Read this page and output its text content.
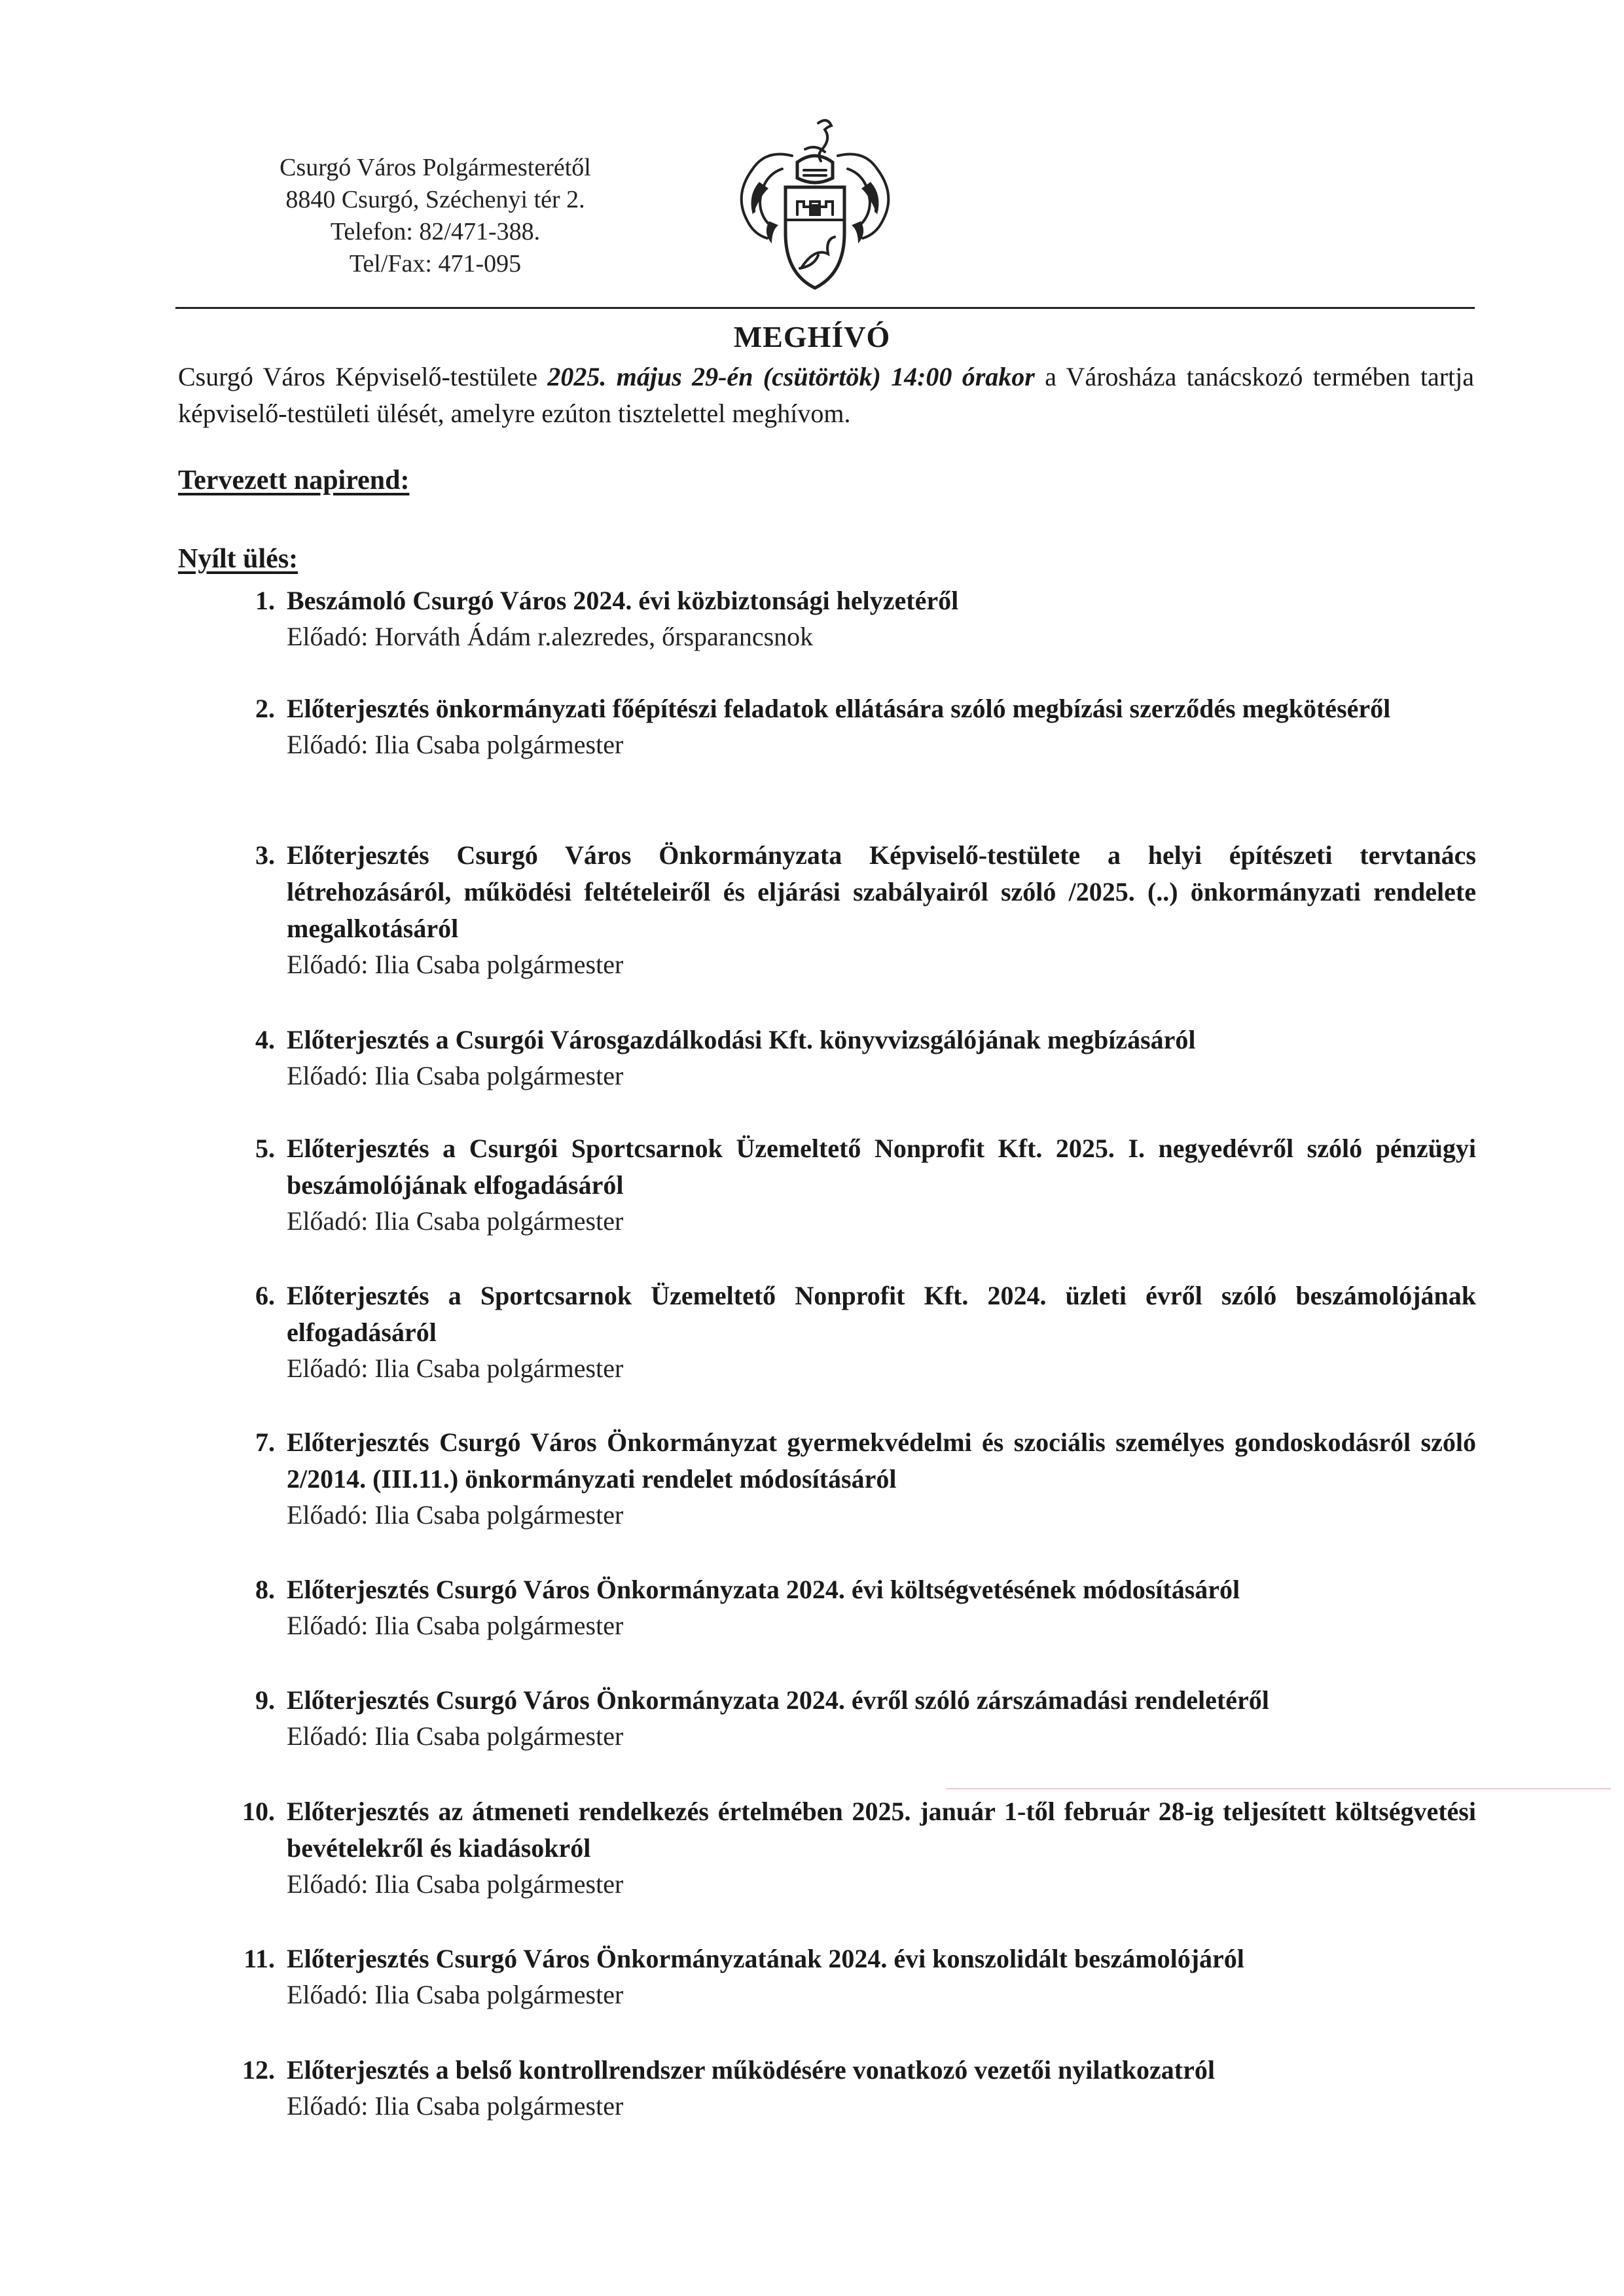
Csurgó Város Polgármesterétől
8840 Csurgó, Széchenyi tér 2.
Telefon: 82/471-388.
Tel/Fax: 471-095
MEGHÍVÓ
Csurgó Város Képviselő-testülete 2025. május 29-én (csütörtök) 14:00 órakor a Városháza tanácskozó termében tartja képviselő-testületi ülését, amelyre ezúton tisztelettel meghívom.
Tervezett napirend:
Nyílt ülés:
1. Beszámoló Csurgó Város 2024. évi közbiztonsági helyzetéről
Előadó: Horváth Ádám r.alezredes, őrsparancsnok
2. Előterjesztés önkormányzati főépítészi feladatok ellátására szóló megbízási szerződés megkötéséről
Előadó: Ilia Csaba polgármester
3. Előterjesztés Csurgó Város Önkormányzata Képviselő-testülete a helyi építészeti tervtanács létrehozásáról, működési feltételeiről és eljárási szabályairól szóló /2025. (..) önkormányzati rendelete megalkotásáról
Előadó: Ilia Csaba polgármester
4. Előterjesztés a Csurgói Városgazdálkodási Kft. könyvvizsgálójának megbízásáról
Előadó: Ilia Csaba polgármester
5. Előterjesztés a Csurgói Sportcsarnok Üzemeltető Nonprofit Kft. 2025. I. negyedévről szóló pénzügyi beszámolójának elfogadásáról
Előadó: Ilia Csaba polgármester
6. Előterjesztés a Sportcsarnok Üzemeltető Nonprofit Kft. 2024. üzleti évről szóló beszámolójának elfogadásáról
Előadó: Ilia Csaba polgármester
7. Előterjesztés Csurgó Város Önkormányzat gyermekvédelmi és szociális személyes gondoskodásról szóló 2/2014. (III.11.) önkormányzati rendelet módosításáról
Előadó: Ilia Csaba polgármester
8. Előterjesztés Csurgó Város Önkormányzata 2024. évi költségvetésének módosításáról
Előadó: Ilia Csaba polgármester
9. Előterjesztés Csurgó Város Önkormányzata 2024. évről szóló zárszámadási rendeletéről
Előadó: Ilia Csaba polgármester
10. Előterjesztés az átmeneti rendelkezés értelmében 2025. január 1-től február 28-ig teljesített költségvetési bevételekről és kiadásokról
Előadó: Ilia Csaba polgármester
11. Előterjesztés Csurgó Város Önkormányzatának 2024. évi konszolidált beszámolójáról
Előadó: Ilia Csaba polgármester
12. Előterjesztés a belső kontrollrendszer működésére vonatkozó vezetői nyilatkozatról
Előadó: Ilia Csaba polgármester
